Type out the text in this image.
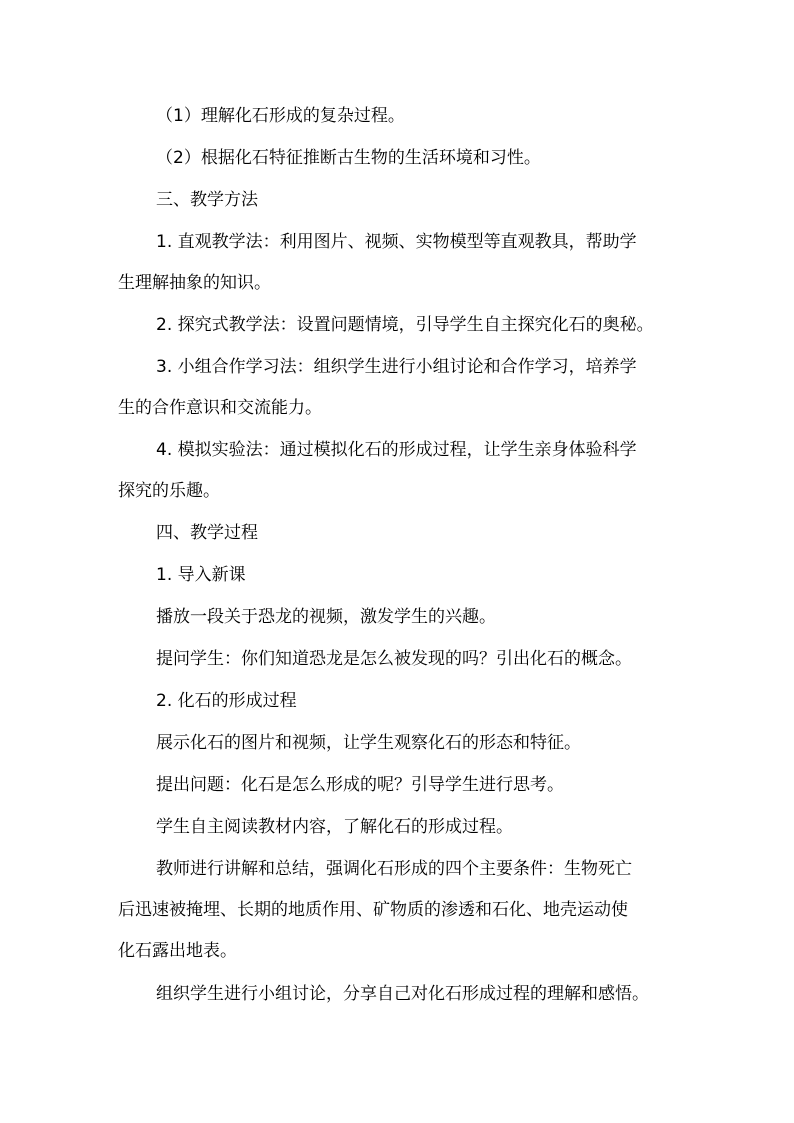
（1）理解化石形成的复杂过程。

（2）根据化石特征推断古生物的生活环境和习性。

三、教学方法

1. 直观教学法：利用图片、视频、实物模型等直观教具，帮助学
生理解抽象的知识。

2. 探究式教学法：设置问题情境，引导学生自主探究化石的奥秘。

3. 小组合作学习法：组织学生进行小组讨论和合作学习，培养学
生的合作意识和交流能力。

4. 模拟实验法：通过模拟化石的形成过程，让学生亲身体验科学
探究的乐趣。

四、教学过程

1. 导入新课

播放一段关于恐龙的视频，激发学生的兴趣。

提问学生：你们知道恐龙是怎么被发现的吗？引出化石的概念。

2. 化石的形成过程

展示化石的图片和视频，让学生观察化石的形态和特征。

提出问题：化石是怎么形成的呢？引导学生进行思考。

学生自主阅读教材内容，了解化石的形成过程。

教师进行讲解和总结，强调化石形成的四个主要条件：生物死亡
后迅速被掩埋、长期的地质作用、矿物质的渗透和石化、地壳运动使
化石露出地表。

组织学生进行小组讨论，分享自己对化石形成过程的理解和感悟。
